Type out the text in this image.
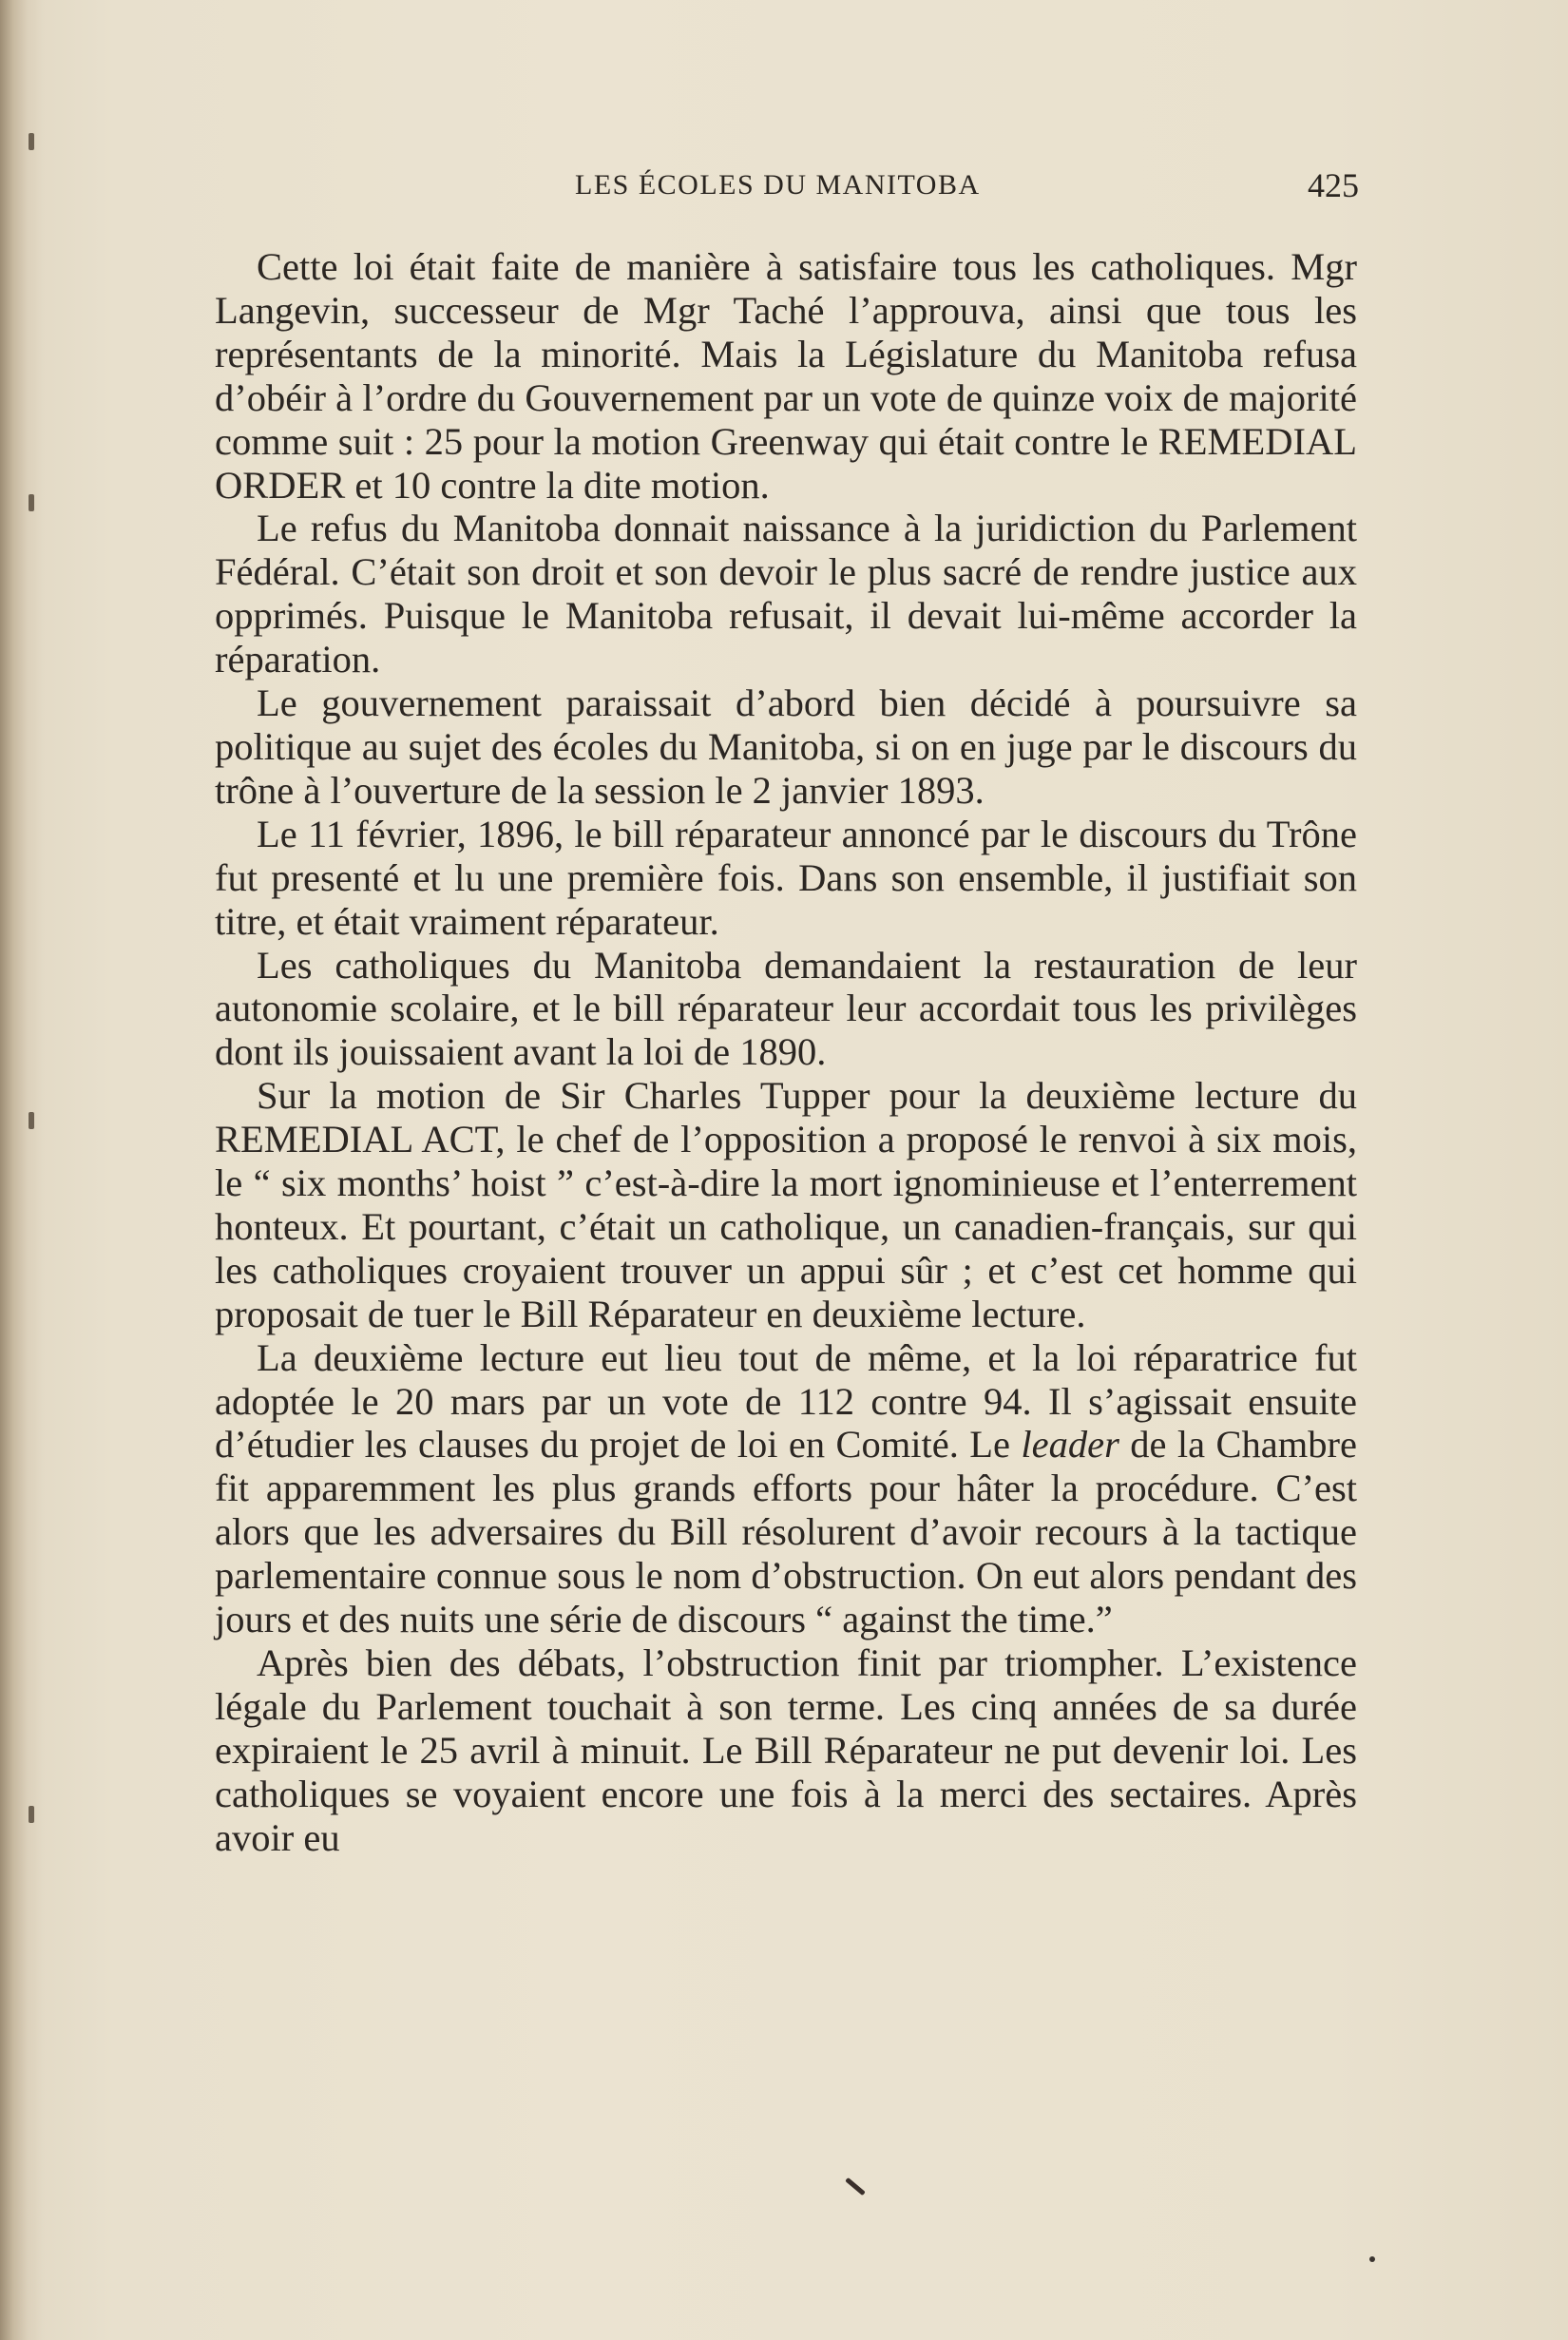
LES ÉCOLES DU MANITOBA	425

Cette loi était faite de manière à satisfaire tous les catholiques. Mgr Langevin, successeur de Mgr Taché l’approuva, ainsi que tous les représentants de la minorité. Mais la Législature du Manitoba refusa d’obéir à l’ordre du Gouvernement par un vote de quinze voix de majorité comme suit : 25 pour la motion Greenway qui était contre le REMEDIAL ORDER et 10 contre la dite motion.

Le refus du Manitoba donnait naissance à la juridiction du Parlement Fédéral. C’était son droit et son devoir le plus sacré de rendre justice aux opprimés. Puisque le Manitoba refusait, il devait lui-même accorder la réparation.

Le gouvernement paraissait d’abord bien décidé à poursuivre sa politique au sujet des écoles du Manitoba, si on en juge par le discours du trône à l’ouverture de la session le 2 janvier 1893.

Le 11 février, 1896, le bill réparateur annoncé par le discours du Trône fut presenté et lu une première fois. Dans son ensemble, il justifiait son titre, et était vraiment réparateur.

Les catholiques du Manitoba demandaient la restauration de leur autonomie scolaire, et le bill réparateur leur accordait tous les privilèges dont ils jouissaient avant la loi de 1890.

Sur la motion de Sir Charles Tupper pour la deuxième lecture du REMEDIAL ACT, le chef de l’opposition a proposé le renvoi à six mois, le “ six months’ hoist ” c’est-à-dire la mort ignominieuse et l’enterrement honteux. Et pourtant, c’était un catholique, un canadien-français, sur qui les catholiques croyaient trouver un appui sûr ; et c’est cet homme qui proposait de tuer le Bill Réparateur en deuxième lecture.

La deuxième lecture eut lieu tout de même, et la loi réparatrice fut adoptée le 20 mars par un vote de 112 contre 94. Il s’agissait ensuite d’étudier les clauses du projet de loi en Comité. Le leader de la Chambre fit apparemment les plus grands efforts pour hâter la procédure. C’est alors que les adversaires du Bill résolurent d’avoir recours à la tactique parlementaire connue sous le nom d’obstruction. On eut alors pendant des jours et des nuits une série de discours “ against the time.”

Après bien des débats, l’obstruction finit par triompher. L’existence légale du Parlement touchait à son terme. Les cinq années de sa durée expiraient le 25 avril à minuit. Le Bill Réparateur ne put devenir loi. Les catholiques se voyaient encore une fois à la merci des sectaires. Après avoir eu
